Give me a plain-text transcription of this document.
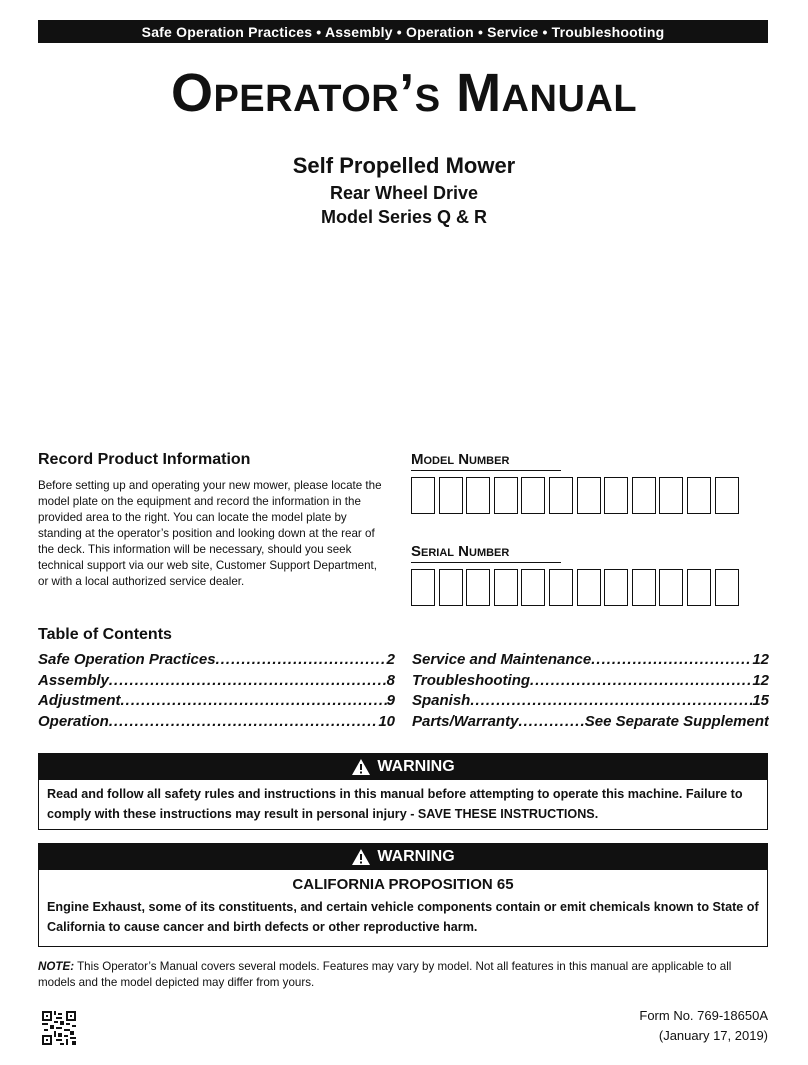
Safe Operation Practices • Assembly • Operation • Service • Troubleshooting
Operator’s Manual
Self Propelled Mower
Rear Wheel Drive
Model Series Q & R
Record Product Information
Before setting up and operating your new mower, please locate the model plate on the equipment and record the information in the provided area to the right. You can locate the model plate by standing at the operator’s position and looking down at the rear of the deck. This information will be necessary, should you seek technical support via our web site, Customer Support Department, or with a local authorized service dealer.
Model Number
Serial Number
Table of Contents
Safe Operation Practices .....	2
Assembly .....	8
Adjustment .....	9
Operation .....	10
Service and Maintenance .....	12
Troubleshooting .....	12
Spanish .....	15
Parts/Warranty .....	See Separate Supplement
WARNING
Read and follow all safety rules and instructions in this manual before attempting to operate this machine. Failure to comply with these instructions may result in personal injury - SAVE THESE INSTRUCTIONS.
WARNING
CALIFORNIA PROPOSITION 65
Engine Exhaust, some of its constituents, and certain vehicle components contain or emit chemicals known to State of California to cause cancer and birth defects or other reproductive harm.
NOTE: This Operator’s Manual covers several models. Features may vary by model. Not all features in this manual are applicable to all models and the model depicted may differ from yours.
Form No. 769-18650A
(January 17, 2019)
